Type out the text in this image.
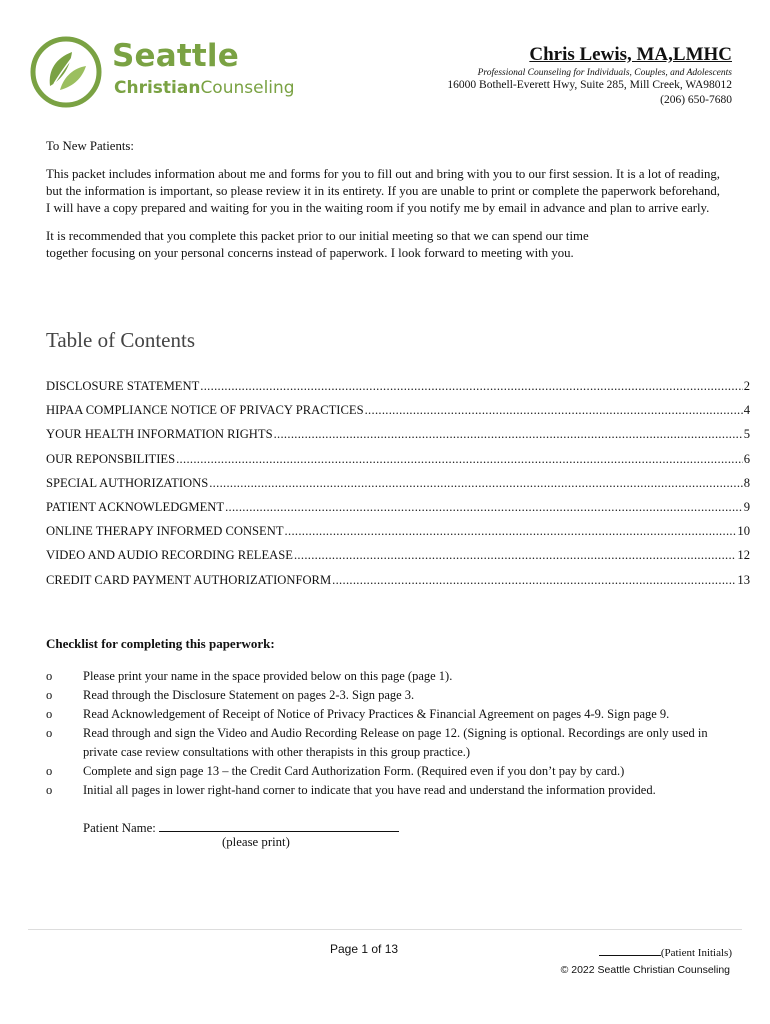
Seattle
ChristianCounseling
Chris Lewis, MA,LMHC
Professional Counseling for Individuals, Couples, and Adolescents
16000 Bothell-Everett Hwy, Suite 285, Mill Creek, WA98012
(206) 650-7680

To New Patients:

This packet includes information about me and forms for you to fill out and bring with you to our first session. It is a lot of reading, but the information is important, so please review it in its entirety. If you are unable to print or complete the paperwork beforehand, I will have a copy prepared and waiting for you in the waiting room if you notify me by email in advance and plan to arrive early.

It is recommended that you complete this packet prior to our initial meeting so that we can spend our time
together focusing on your personal concerns instead of paperwork. I look forward to meeting with you.

Table of Contents
DISCLOSURE STATEMENT .....	2
HIPAA COMPLIANCE NOTICE OF PRIVACY PRACTICES .....	4
YOUR HEALTH INFORMATION RIGHTS .....	5
OUR REPONSBILITIES .....	6
SPECIAL AUTHORIZATIONS .....	8
PATIENT ACKNOWLEDGMENT .....	9
ONLINE THERAPY INFORMED CONSENT .....	10
VIDEO AND AUDIO RECORDING RELEASE .....	12
CREDIT CARD PAYMENT AUTHORIZATIONFORM .....	13
Checklist for completing this paperwork:
o	Please print your name in the space provided below on this page (page 1).
o	Read through the Disclosure Statement on pages 2-3. Sign page 3.
o	Read Acknowledgement of Receipt of Notice of Privacy Practices & Financial Agreement on pages 4-9. Sign page 9.
o	Read through and sign the Video and Audio Recording Release on page 12. (Signing is optional. Recordings are only used in private case review consultations with other therapists in this group practice.)
o	Complete and sign page 13 – the Credit Card Authorization Form. (Required even if you don’t pay by card.)
o	Initial all pages in lower right-hand corner to indicate that you have read and understand the information provided.
Patient Name:
(please print)
Page 1 of 13	(Patient Initials)
© 2022 Seattle Christian Counseling
